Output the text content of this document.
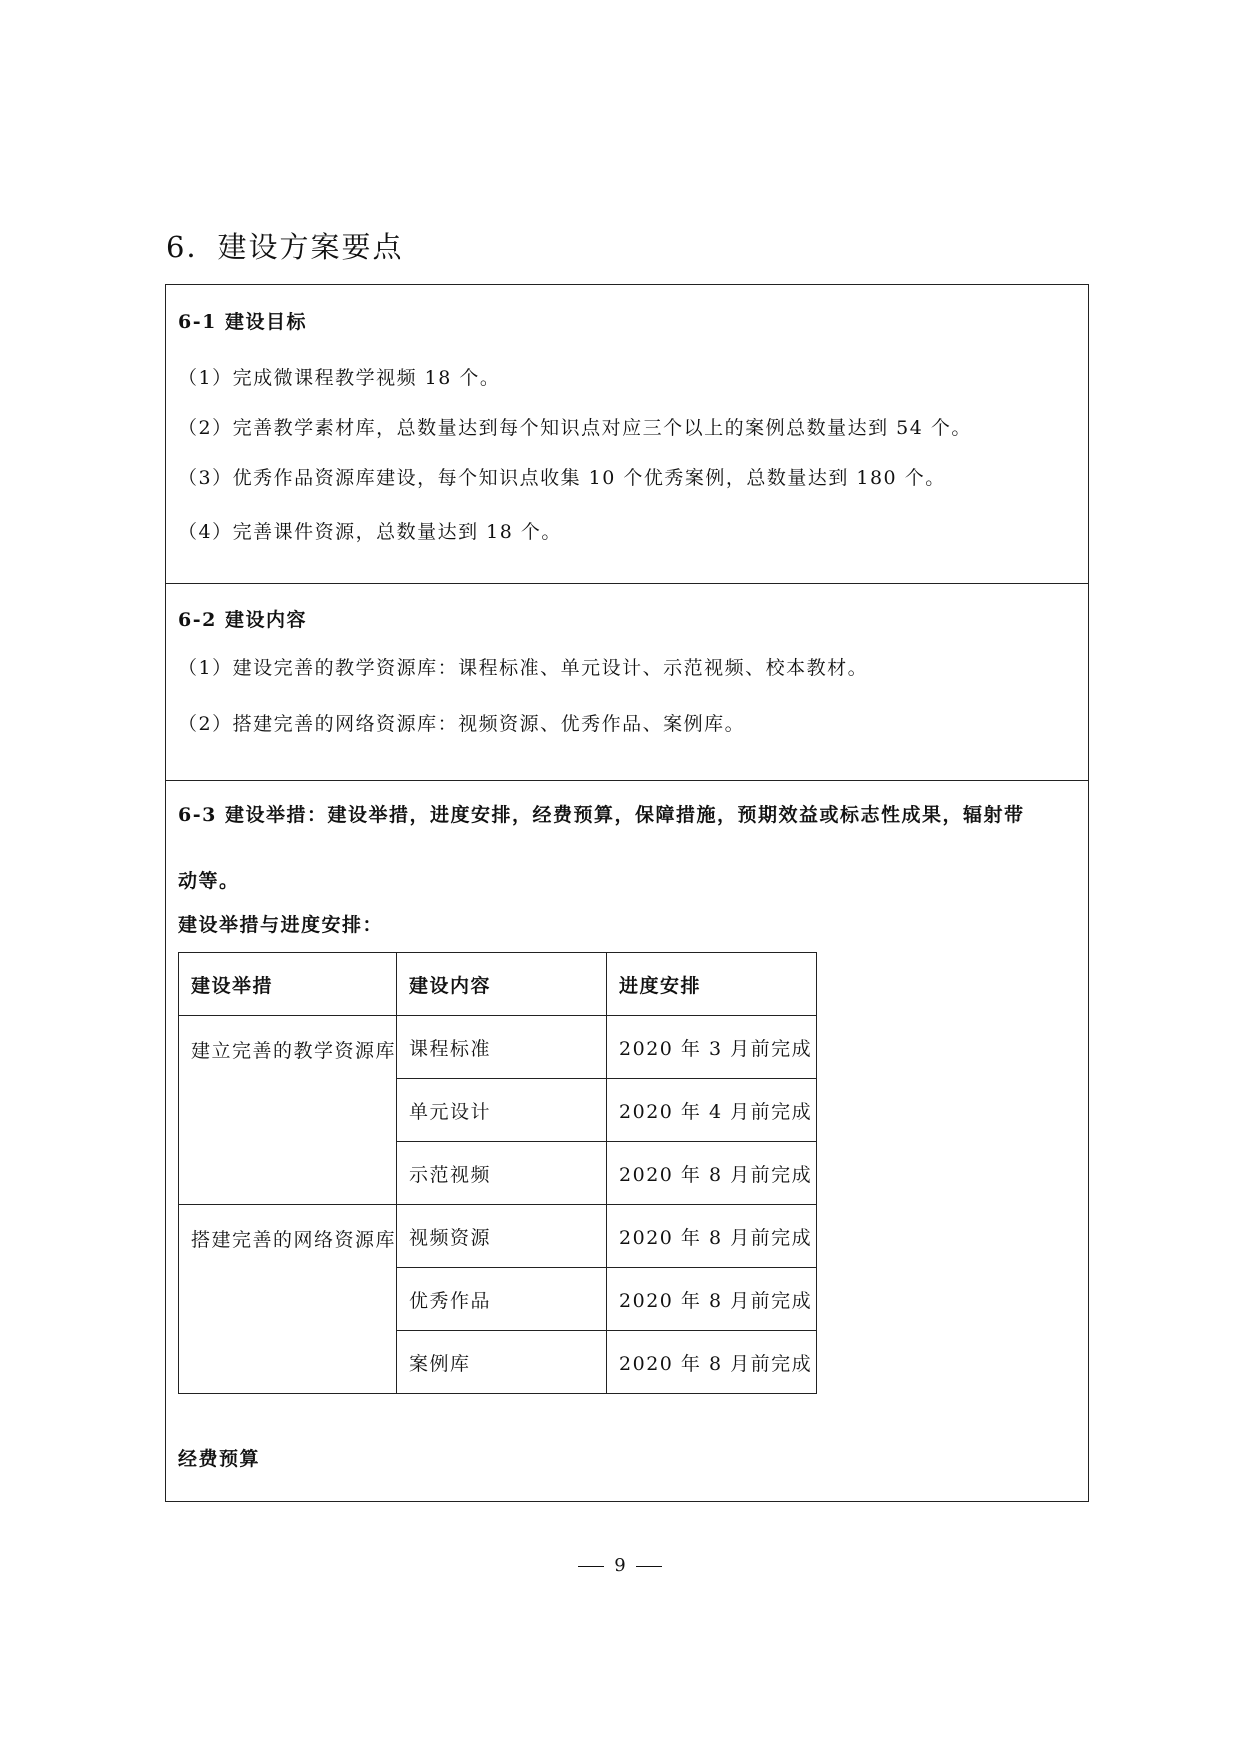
6．建设方案要点
6-1 建设目标
（1）完成微课程教学视频 18 个。
（2）完善教学素材库，总数量达到每个知识点对应三个以上的案例总数量达到 54 个。
（3）优秀作品资源库建设，每个知识点收集 10 个优秀案例，总数量达到 180 个。
（4）完善课件资源，总数量达到 18 个。
6-2 建设内容
（1）建设完善的教学资源库：课程标准、单元设计、示范视频、校本教材。
（2）搭建完善的网络资源库：视频资源、优秀作品、案例库。
6-3 建设举措：建设举措，进度安排，经费预算，保障措施，预期效益或标志性成果，辐射带
动等。
建设举措与进度安排：
建设举措	建设内容	进度安排
建立完善的教学资源库	课程标准	2020 年 3 月前完成
	单元设计	2020 年 4 月前完成
	示范视频	2020 年 8 月前完成
搭建完善的网络资源库	视频资源	2020 年 8 月前完成
	优秀作品	2020 年 8 月前完成
	案例库	2020 年 8 月前完成
经费预算
9
